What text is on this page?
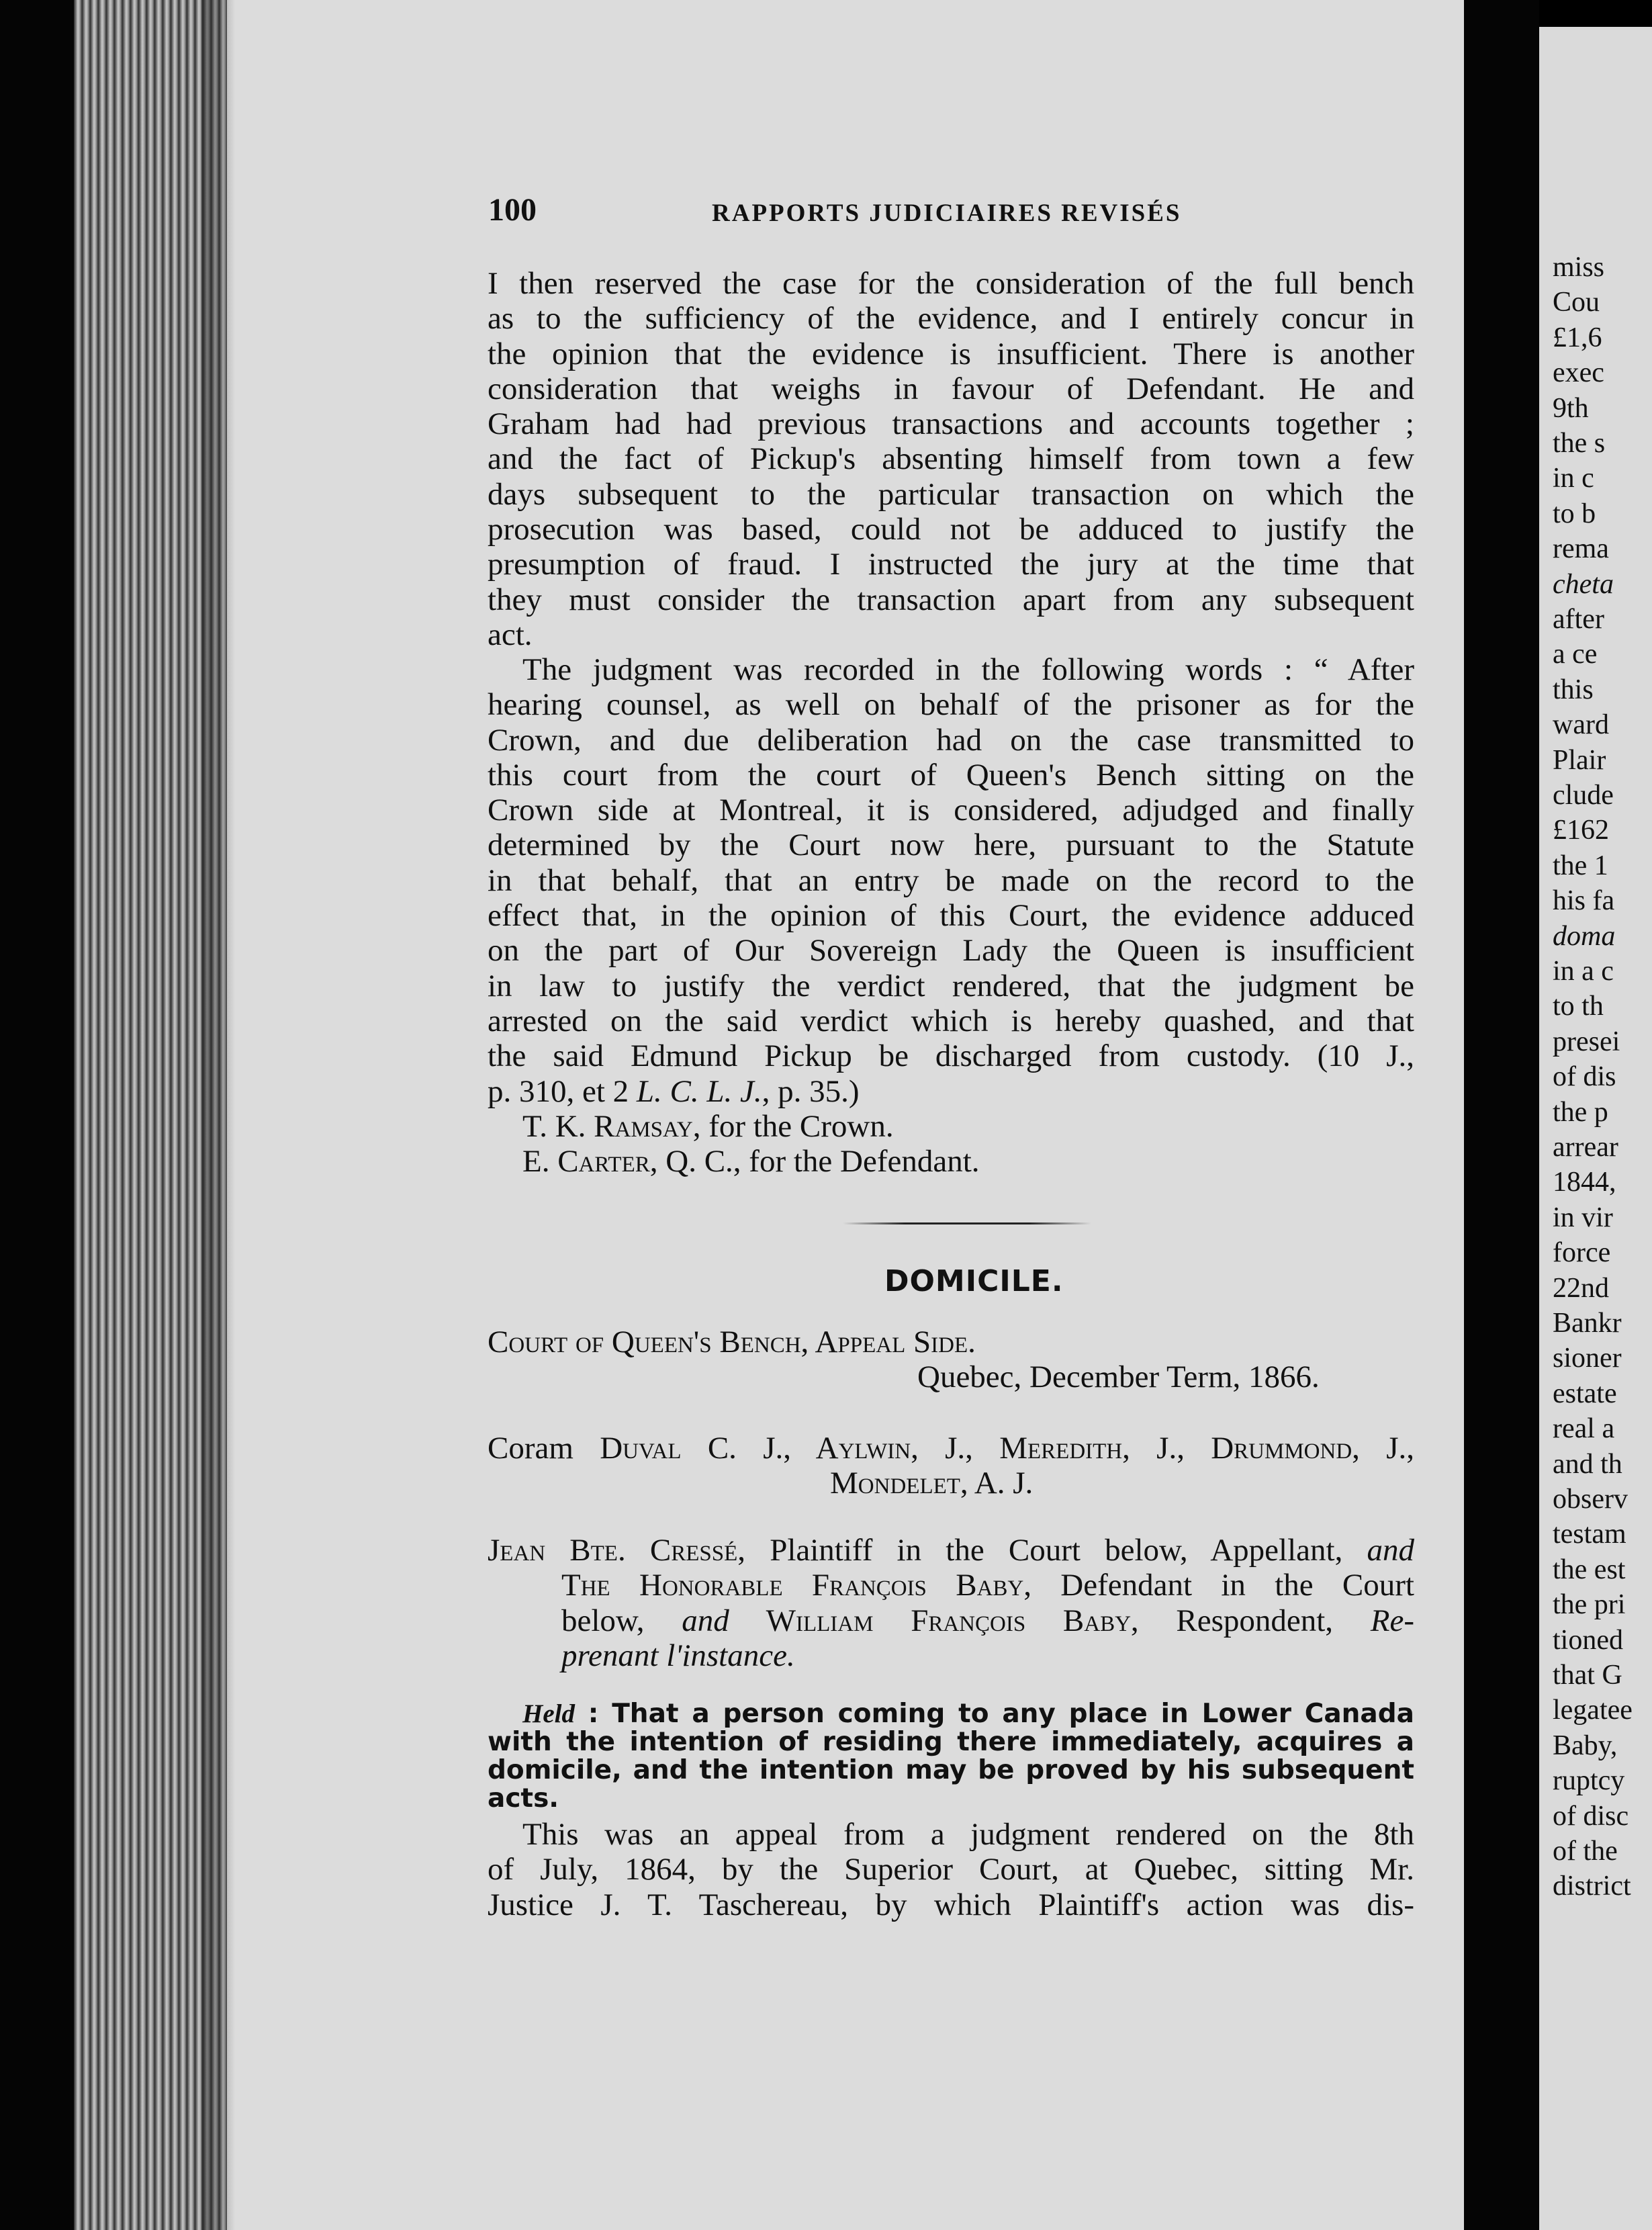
miss
Cou
£1,6
exec
9th
the s
in c
to b
rema
cheta
after
a ce
this
ward
Plair
clude
£162
the 1
his fa
doma
in a c
to th
presei
of dis
the p
arrear
1844,
in vir
force
22nd
Bankr
sioner
estate
real a
and th
observ
testam
the est
the pri
tioned
that G
legatee
Baby,
ruptcy
of disc
of the
district
100	RAPPORTS JUDICIAIRES REVISÉS
I then reserved the case for the consideration of the full bench
as to the sufficiency of the evidence, and I entirely concur in
the opinion that the evidence is insufficient. There is another
consideration that weighs in favour of Defendant. He and
Graham had had previous transactions and accounts together ;
and the fact of Pickup's absenting himself from town a few
days subsequent to the particular transaction on which the
prosecution was based, could not be adduced to justify the
presumption of fraud. I instructed the jury at the time that
they must consider the transaction apart from any subsequent
act.
The judgment was recorded in the following words : “ After
hearing counsel, as well on behalf of the prisoner as for the
Crown, and due deliberation had on the case transmitted to
this court from the court of Queen's Bench sitting on the
Crown side at Montreal, it is considered, adjudged and finally
determined by the Court now here, pursuant to the Statute
in that behalf, that an entry be made on the record to the
effect that, in the opinion of this Court, the evidence adduced
on the part of Our Sovereign Lady the Queen is insufficient
in law to justify the verdict rendered, that the judgment be
arrested on the said verdict which is hereby quashed, and that
the said Edmund Pickup be discharged from custody. (10 J.,
p. 310, et 2 L. C. L. J., p. 35.)
T. K. Ramsay, for the Crown.
E. Carter, Q. C., for the Defendant.
DOMICILE.
Court of Queen's Bench, Appeal Side.
Quebec, December Term, 1866.
Coram Duval C. J., Aylwin, J., Meredith, J., Drummond, J.,
Mondelet, A. J.
Jean Bte. Cressé, Plaintiff in the Court below, Appellant, and
The Honorable François Baby, Defendant in the Court
below, and William François Baby, Respondent, Re-
prenant l'instance.
Held : That a person coming to any place in Lower Canada with the intention of residing there immediately, acquires a domicile, and the intention may be proved by his subsequent acts.
This was an appeal from a judgment rendered on the 8th
of July, 1864, by the Superior Court, at Quebec, sitting Mr.
Justice J. T. Taschereau, by which Plaintiff's action was dis-
